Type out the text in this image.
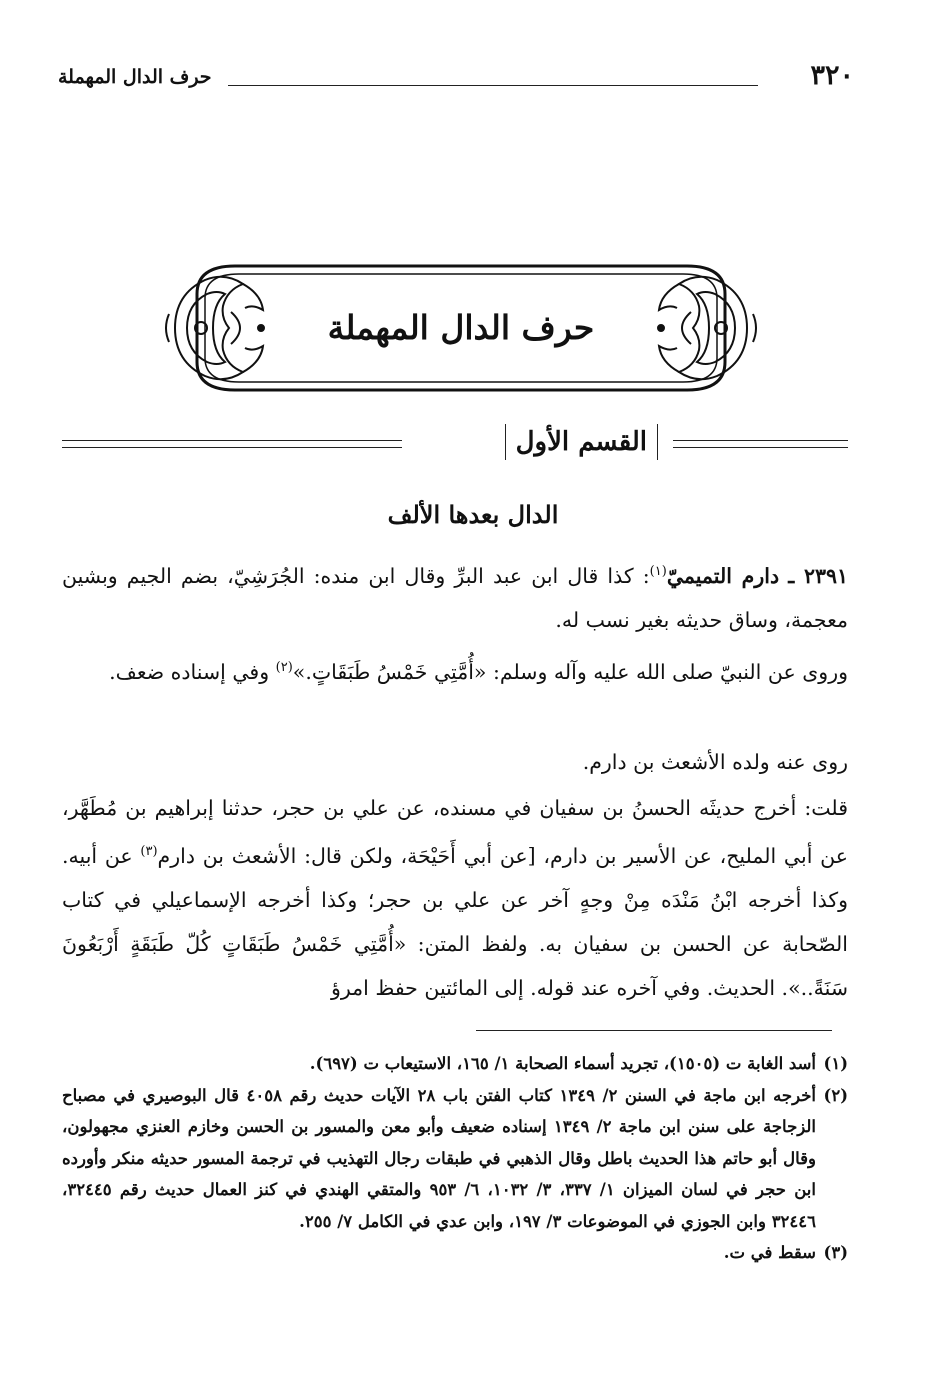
٣٢٠
حرف الدال المهملة
حرف الدال المهملة
القسم الأول
الدال بعدها الألف
٢٣٩١ ـ دارم التميميّ$^{(١)}$: كذا قال ابن عبد البرِّ وقال ابن منده: الجُرَشِيّ، بضم الجيم وبشين معجمة، وساق حديثه بغير نسب له.
وروى عن النبيّ صلى الله عليه وآله وسلم: «أُمَّتِي خَمْسُ طَبَقَاتٍ.»$^{(٢)}$ وفي إسناده ضعف.
روى عنه ولده الأشعث بن دارم.
قلت: أخرج حديثَه الحسنُ بن سفيان في مسنده، عن علي بن حجر، حدثنا إبراهيم بن مُطَهَّر، عن أبي المليح، عن الأسير بن دارم، [عن أبي أَحَيْحَة، ولكن قال: الأشعث بن دارم$^{(٣)}$ عن أبيه. وكذا أخرجه ابْنُ مَنْدَه مِنْ وجهٍ آخر عن علي بن حجر؛ وكذا أخرجه الإسماعيلي في كتاب الصّحابة عن الحسن بن سفيان به. ولفظ المتن: «أُمَّتِي خَمْسُ طَبَقَاتٍ كُلّ طَبَقَةٍ أَرْبَعُونَ سَنَةً..». الحديث. وفي آخره عند قوله. إلى المائتين حفظ امرؤ
(١)
أسد الغابة ت (١٥٠٥)، تجريد أسماء الصحابة ١/ ١٦٥، الاستيعاب ت (٦٩٧).
(٢)
أخرجه ابن ماجة في السنن ٢/ ١٣٤٩ كتاب الفتن باب ٢٨ الآيات حديث رقم ٤٠٥٨ قال البوصيري في مصباح الزجاجة على سنن ابن ماجة ٢/ ١٣٤٩ إسناده ضعيف وأبو معن والمسور بن الحسن وخازم العنزي مجهولون، وقال أبو حاتم هذا الحديث باطل وقال الذهبي في طبقات رجال التهذيب في ترجمة المسور حديثه منكر وأورده ابن حجر في لسان الميزان ١/ ٣٣٧، ٣/ ١٠٣٢، ٦/ ٩٥٣ والمتقي الهندي في كنز العمال حديث رقم ٣٢٤٤٥، ٣٢٤٤٦ وابن الجوزي في الموضوعات ٣/ ١٩٧، وابن عدي في الكامل ٧/ ٢٥٥.
(٣)
سقط في ت.
